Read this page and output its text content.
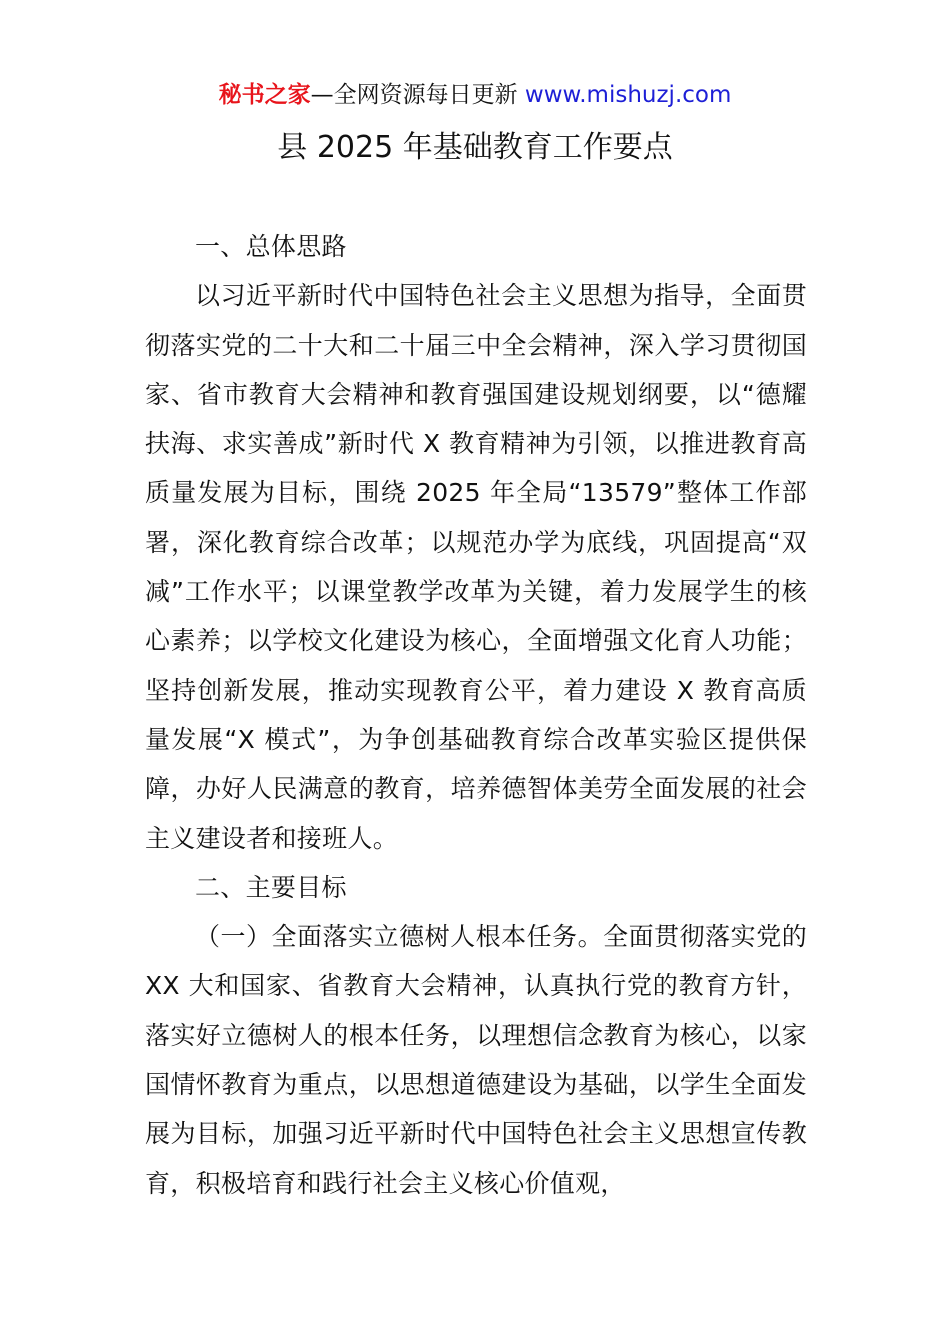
秘书之家—全网资源每日更新 www.mishuzj.com
县 2025 年基础教育工作要点

一、总体思路

以习近平新时代中国特色社会主义思想为指导，全面贯彻落实党的二十大和二十届三中全会精神，深入学习贯彻国家、省市教育大会精神和教育强国建设规划纲要，以“德耀扶海、求实善成”新时代 X 教育精神为引领，以推进教育高质量发展为目标，围绕 2025 年全局“13579”整体工作部署，深化教育综合改革；以规范办学为底线，巩固提高“双减”工作水平；以课堂教学改革为关键，着力发展学生的核心素养；以学校文化建设为核心，全面增强文化育人功能；坚持创新发展，推动实现教育公平，着力建设 X 教育高质量发展“X 模式”，为争创基础教育综合改革实验区提供保障，办好人民满意的教育，培养德智体美劳全面发展的社会主义建设者和接班人。

二、主要目标

（一）全面落实立德树人根本任务。全面贯彻落实党的 XX 大和国家、省教育大会精神，认真执行党的教育方针，落实好立德树人的根本任务，以理想信念教育为核心，以家国情怀教育为重点，以思想道德建设为基础，以学生全面发展为目标，加强习近平新时代中国特色社会主义思想宣传教育，积极培育和践行社会主义核心价值观，
